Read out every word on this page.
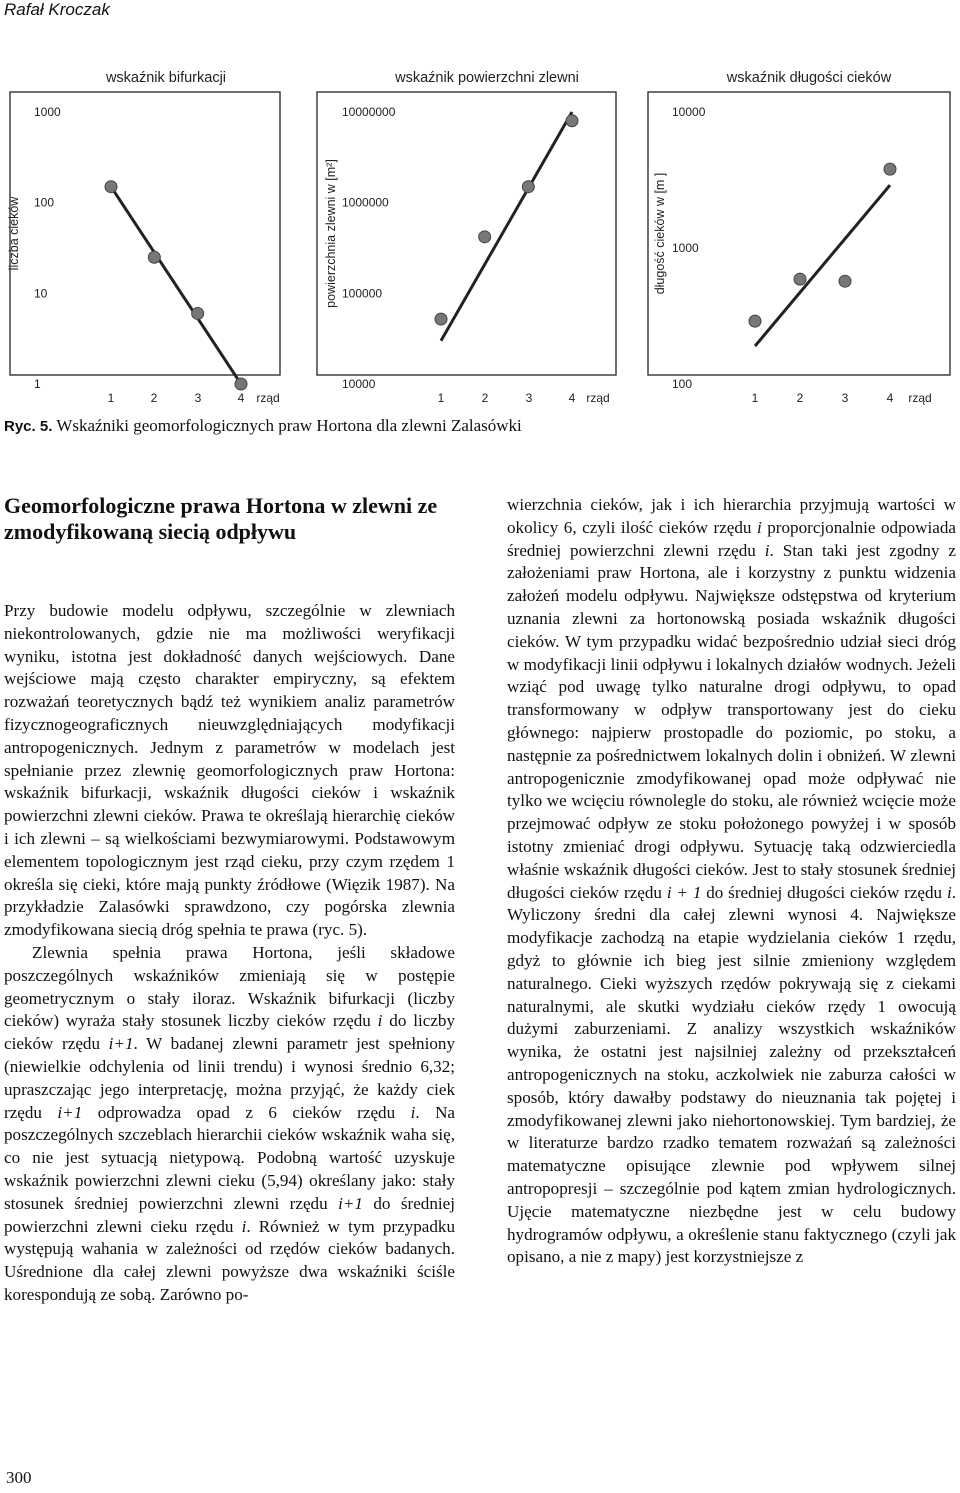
Rafał Kroczak
wskaźnik bifurkacji
1000
100
10
1
1	2	3	4 rząd
liczba cieków
wskaźnik powierzchni zlewni
10000000
1000000
100000
10000
1	2	3	4 rząd
powierzchnia zlewni w [m²]
wskaźnik długości cieków
10000
1000
100
1	2	3	4 rząd
długość cieków w [m ]
Ryc. 5. Wskaźniki geomorfologicznych praw Hortona dla zlewni Zalasówki
Geomorfologiczne prawa Hortona w zlewni ze zmodyfikowaną siecią odpływu

Przy budowie modelu odpływu, szczególnie w zlewniach niekontrolowanych, gdzie nie ma możliwości weryfikacji wyniku, istotna jest dokładność danych wejściowych. Dane wejściowe mają często charakter empiryczny, są efektem rozważań teoretycznych bądź też wynikiem analiz parametrów fizycznogeograficznych nieuwzględniających modyfikacji antropogenicznych. Jednym z parametrów w modelach jest spełnianie przez zlewnię geomorfologicznych praw Hortona: wskaźnik bifurkacji, wskaźnik długości cieków i wskaźnik powierzchni zlewni cieków. Prawa te określają hierarchię cieków i ich zlewni – są wielkościami bezwymiarowymi. Podstawowym elementem topologicznym jest rząd cieku, przy czym rzędem 1 określa się cieki, które mają punkty źródłowe (Więzik 1987). Na przykładzie Zalasówki sprawdzono, czy pogórska zlewnia zmodyfikowana siecią dróg spełnia te prawa (ryc. 5).

Zlewnia spełnia prawa Hortona, jeśli składowe poszczególnych wskaźników zmieniają się w postępie geometrycznym o stały iloraz. Wskaźnik bifurkacji (liczby cieków) wyraża stały stosunek liczby cieków rzędu i do liczby cieków rzędu i+1. W badanej zlewni parametr jest spełniony (niewielkie odchylenia od linii trendu) i wynosi średnio 6,32; upraszczając jego interpretację, można przyjąć, że każdy ciek rzędu i+1 odprowadza opad z 6 cieków rzędu i. Na poszczególnych szczeblach hierarchii cieków wskaźnik waha się, co nie jest sytuacją nietypową. Podobną wartość uzyskuje wskaźnik powierzchni zlewni cieku (5,94) określany jako: stały stosunek średniej powierzchni zlewni rzędu i+1 do średniej powierzchni zlewni cieku rzędu i. Również w tym przypadku występują wahania w zależności od rzędów cieków badanych. Uśrednione dla całej zlewni powyższe dwa wskaźniki ściśle korespondują ze sobą. Zarówno po-

wierzchnia cieków, jak i ich hierarchia przyjmują wartości w okolicy 6, czyli ilość cieków rzędu i proporcjonalnie odpowiada średniej powierzchni zlewni rzędu i. Stan taki jest zgodny z założeniami praw Hortona, ale i korzystny z punktu widzenia założeń modelu odpływu. Największe odstępstwa od kryterium uznania zlewni za hortonowską posiada wskaźnik długości cieków. W tym przypadku widać bezpośrednio udział sieci dróg w modyfikacji linii odpływu i lokalnych działów wodnych. Jeżeli wziąć pod uwagę tylko naturalne drogi odpływu, to opad transformowany w odpływ transportowany jest do cieku głównego: najpierw prostopadle do poziomic, po stoku, a następnie za pośrednictwem lokalnych dolin i obniżeń. W zlewni antropogenicznie zmodyfikowanej opad może odpływać nie tylko we wcięciu równolegle do stoku, ale również wcięcie może przejmować odpływ ze stoku położonego powyżej i w sposób istotny zmieniać drogi odpływu. Sytuację taką odzwierciedla właśnie wskaźnik długości cieków. Jest to stały stosunek średniej długości cieków rzędu i + 1 do średniej długości cieków rzędu i. Wyliczony średni dla całej zlewni wynosi 4. Największe modyfikacje zachodzą na etapie wydzielania cieków 1 rzędu, gdyż to głównie ich bieg jest silnie zmieniony względem naturalnego. Cieki wyższych rzędów pokrywają się z ciekami naturalnymi, ale skutki wydziału cieków rzędy 1 owocują dużymi zaburzeniami. Z analizy wszystkich wskaźników wynika, że ostatni jest najsilniej zależny od przekształceń antropogenicznych na stoku, aczkolwiek nie zaburza całości w sposób, który dawałby podstawy do nieuznania tak pojętej i zmodyfikowanej zlewni jako niehortonowskiej. Tym bardziej, że w literaturze bardzo rzadko tematem rozważań są zależności matematyczne opisujące zlewnie pod wpływem silnej antropopresji – szczególnie pod kątem zmian hydrologicznych. Ujęcie matematyczne niezbędne jest w celu budowy hydrogramów odpływu, a określenie stanu faktycznego (czyli jak opisano, a nie z mapy) jest korzystniejsze z

300
